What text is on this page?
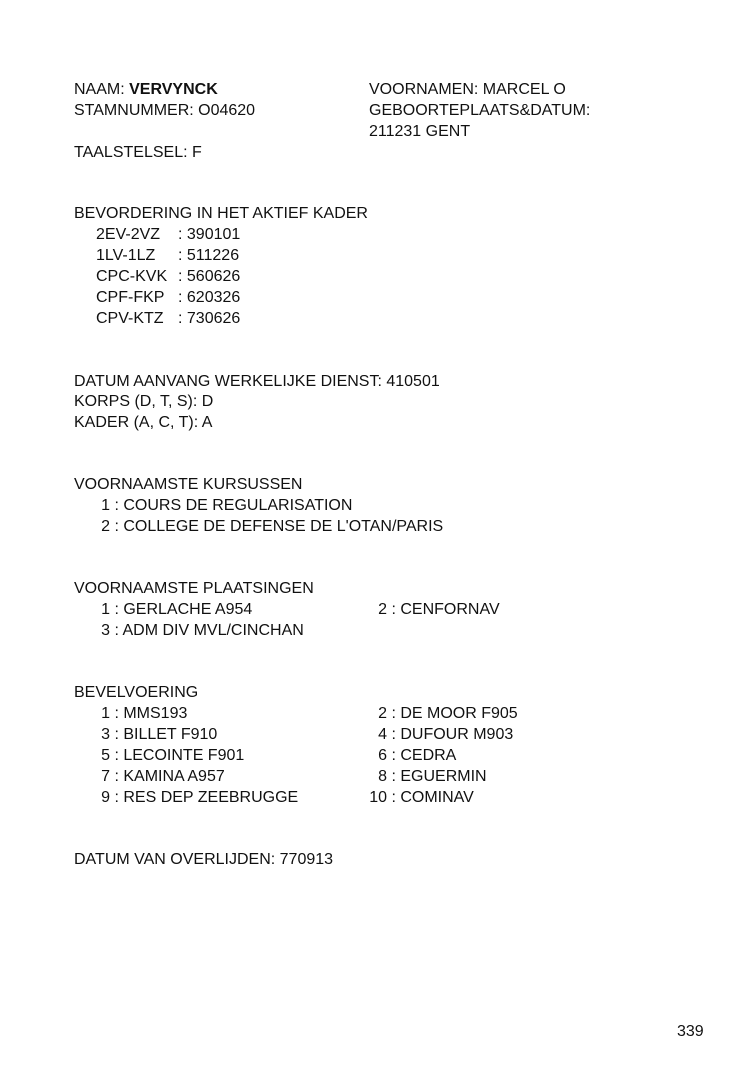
NAAM: VERVYNCK
STAMNUMMER: O04620
TAALSTELSEL: F
VOORNAMEN: MARCEL O
GEBOORTEPLAATS&DATUM:
211231 GENT
BEVORDERING IN HET AKTIEF KADER
2EV-2VZ : 390101
1LV-1LZ : 511226
CPC-KVK : 560626
CPF-FKP : 620326
CPV-KTZ : 730626
DATUM AANVANG WERKELIJKE DIENST: 410501
KORPS (D, T, S): D
KADER (A, C, T): A
VOORNAAMSTE KURSUSSEN
1 : COURS DE REGULARISATION
2 : COLLEGE DE DEFENSE DE L'OTAN/PARIS
VOORNAAMSTE PLAATSINGEN
1 : GERLACHE A954
3 : ADM DIV MVL/CINCHAN
2 : CENFORNAV
BEVELVOERING
1 : MMS193
3 : BILLET F910
5 : LECOINTE F901
7 : KAMINA A957
9 : RES DEP ZEEBRUGGE
2 : DE MOOR F905
4 : DUFOUR M903
6 : CEDRA
8 : EGUERMIN
10 : COMINAV
DATUM VAN OVERLIJDEN: 770913
339
